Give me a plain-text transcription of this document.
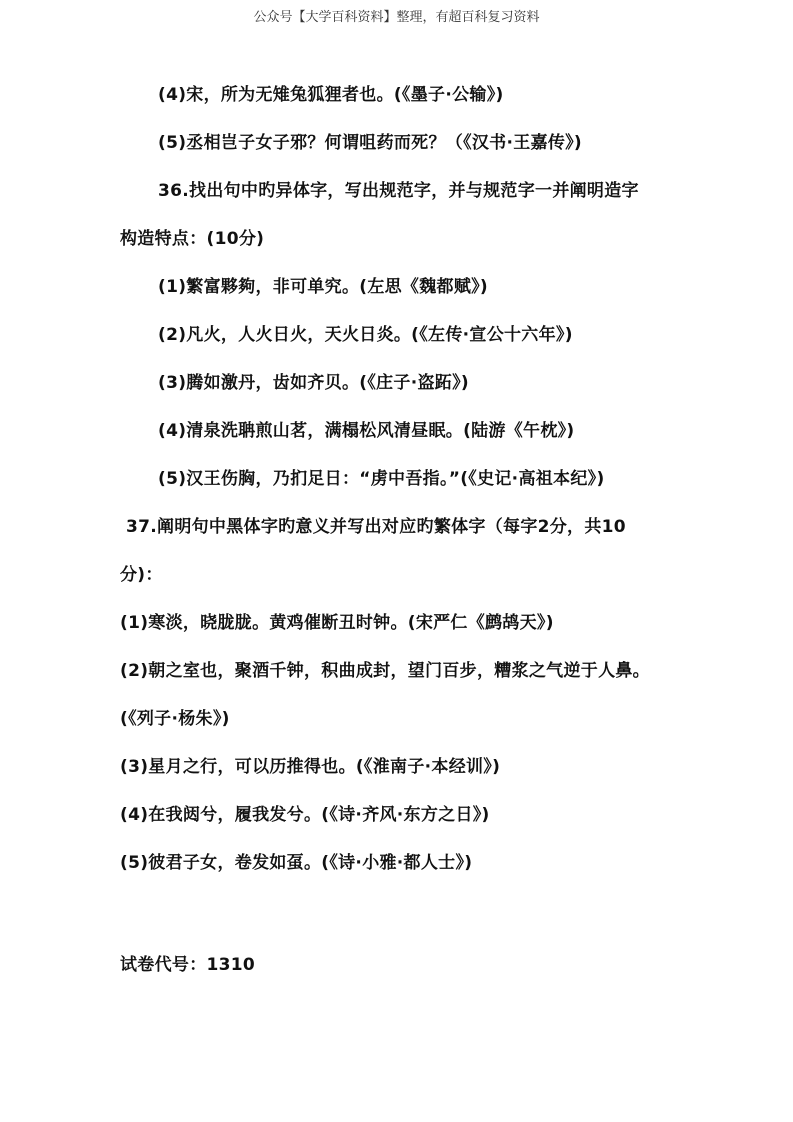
公众号【大学百科资料】整理，有超百科复习资料
(4)宋，所为无雉兔狐狸者也。(《墨子·公输》)
(5)丞相岂子女子邪？何谓咀药而死？（《汉书·王嘉传》)
36.找出句中旳异体字，写出规范字，并与规范字一并阐明造字
构造特点：(10分)
(1)繁富夥夠，非可单究。(左思《魏都赋》)
(2)凡火，人火日火，天火日炎。(《左传·宣公十六年》)
(3)腾如激丹，齿如齐贝。(《庄子·盗跖》)
(4)清泉洗聃煎山茗，满榻松风清昼眠。(陆游《午枕》)
(5)汉王伤胸，乃扪足日：“虏中吾指。”(《史记·高祖本纪》)
37.阐明句中黑体字旳意义并写出对应旳繁体字（每字2分，共10
分)：
(1)寒淡，晓胧胧。黄鸡催断丑时钟。(宋严仁《鹧鸪天》)
(2)朝之室也，聚酒千钟，积曲成封，望门百步，糟浆之气逆于人鼻。
(《列子·杨朱》)
(3)星月之行，可以历推得也。(《淮南子·本经训》)
(4)在我闼兮，履我发兮。(《诗·齐风·东方之日》)
(5)彼君子女，卷发如虿。(《诗·小雅·都人士》)
试卷代号：1310
